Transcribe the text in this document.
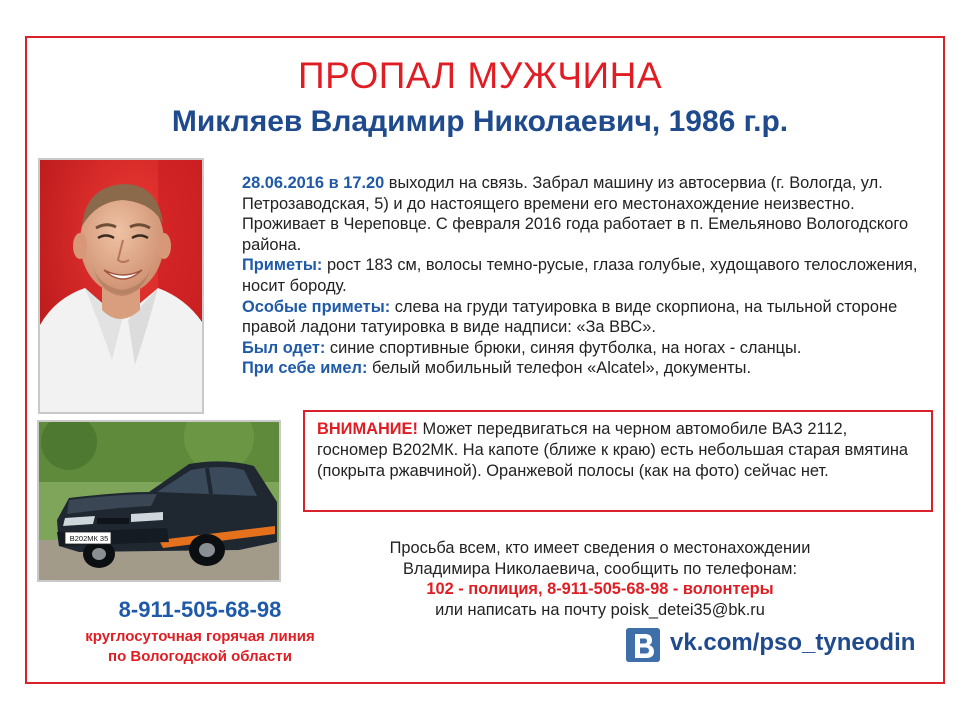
ПРОПАЛ МУЖЧИНА
Микляев Владимир Николаевич, 1986 г.р.
В202МК 35

28.06.2016 в 17.20 выходил на связь. Забрал машину из автосервиа (г. Вологда, ул. Петрозаводская, 5) и до настоящего времени его местонахождение неизвестно. Проживает в Череповце. С февраля 2016 года работает в п. Емельяново Вологодского района.

Приметы: рост 183 см, волосы темно-русые, глаза голубые, худощавого телосложения, носит бороду.

Особые приметы: слева на груди татуировка в виде скорпиона, на тыльной стороне правой ладони татуировка в виде надписи: «За ВВС».

Был одет: синие спортивные брюки, синяя футболка, на ногах - сланцы.

При себе имел: белый мобильный телефон «Alcatel», документы.

ВНИМАНИЕ! Может передвигаться на черном автомобиле ВАЗ 2112, госномер В202МК. На капоте (ближе к краю) есть небольшая старая вмятина (покрыта ржавчиной). Оранжевой полосы (как на фото) сейчас нет.
Просьба всем, кто имеет сведения о местонахождении
Владимира Николаевича, сообщить по телефонам:
102 - полиция, 8-911-505-68-98 - волонтеры
или написать на почту poisk_detei35@bk.ru
8-911-505-68-98
круглосуточная горячая линия
по Вологодской области
vk.com/pso_tyneodin
